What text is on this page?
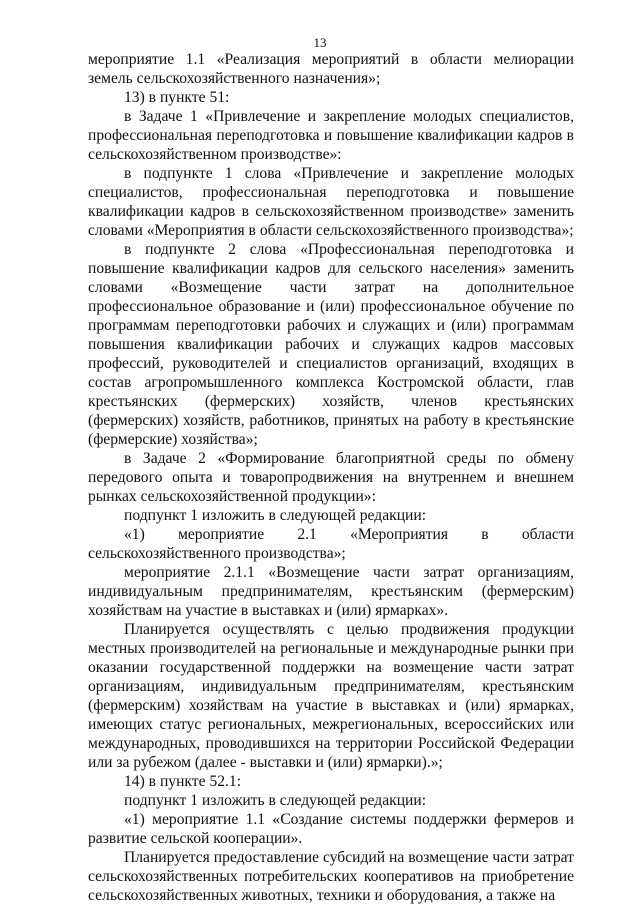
13

мероприятие 1.1 «Реализация мероприятий в области мелиорации земель сельскохозяйственного назначения»;

13) в пункте 51:

в Задаче 1 «Привлечение и закрепление молодых специалистов, профессиональная переподготовка и повышение квалификации кадров в сельскохозяйственном производстве»:

в подпункте 1 слова «Привлечение и закрепление молодых специалистов, профессиональная переподготовка и повышение квалификации кадров в сельскохозяйственном производстве» заменить словами «Мероприятия в области сельскохозяйственного производства»;

в подпункте 2 слова «Профессиональная переподготовка и повышение квалификации кадров для сельского населения» заменить словами «Возмещение части затрат на дополнительное профессиональное образование и (или) профессиональное обучение по программам переподготовки рабочих и служащих и (или) программам повышения квалификации рабочих и служащих кадров массовых профессий, руководителей и специалистов организаций, входящих в состав агропромышленного комплекса Костромской области, глав крестьянских (фермерских) хозяйств, членов крестьянских (фермерских) хозяйств, работников, принятых на работу в крестьянские (фермерские) хозяйства»;

в Задаче 2 «Формирование благоприятной среды по обмену передового опыта и товаропродвижения на внутреннем и внешнем рынках сельскохозяйственной продукции»:

подпункт 1 изложить в следующей редакции:

«1) мероприятие 2.1 «Мероприятия в области сельскохозяйственного производства»;

мероприятие 2.1.1 «Возмещение части затрат организациям, индивидуальным предпринимателям, крестьянским (фермерским) хозяйствам на участие в выставках и (или) ярмарках».

Планируется осуществлять с целью продвижения продукции местных производителей на региональные и международные рынки при оказании государственной поддержки на возмещение части затрат организациям, индивидуальным предпринимателям, крестьянским (фермерским) хозяйствам на участие в выставках и (или) ярмарках, имеющих статус региональных, межрегиональных, всероссийских или международных, проводившихся на территории Российской Федерации или за рубежом (далее - выставки и (или) ярмарки).»;

14) в пункте 52.1:

подпункт 1 изложить в следующей редакции:

«1) мероприятие 1.1 «Создание системы поддержки фермеров и развитие сельской кооперации».

Планируется предоставление субсидий на возмещение части затрат сельскохозяйственных потребительских кооперативов на приобретение сельскохозяйственных животных, техники и оборудования, а также на
